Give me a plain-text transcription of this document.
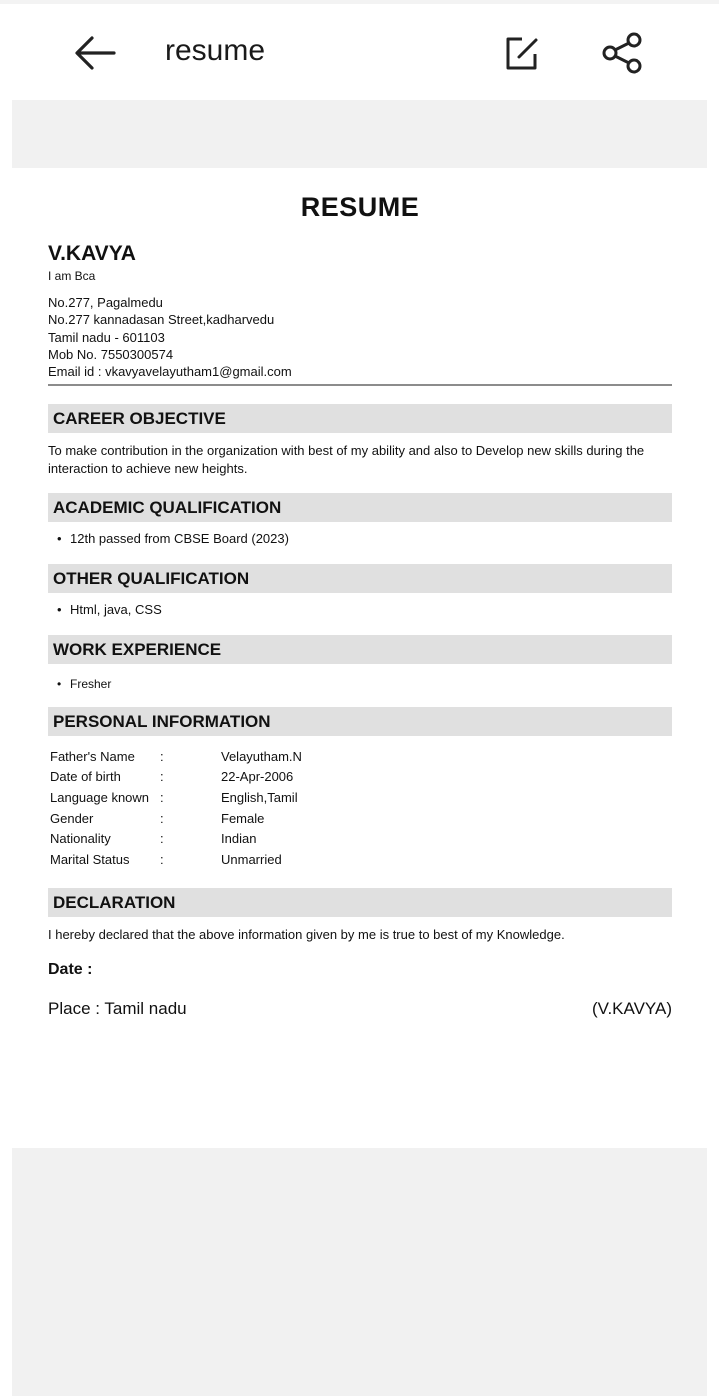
resume
RESUME
V.KAVYA
I am Bca
No.277, Pagalmedu
No.277 kannadasan Street,kadharvedu
Tamil nadu - 601103
Mob No. 7550300574
Email id : vkavyavelayutham1@gmail.com
CAREER OBJECTIVE
To make contribution in the organization with best of my ability and also to Develop new skills during the interaction to achieve new heights.
ACADEMIC QUALIFICATION
• 12th passed from CBSE Board (2023)
OTHER QUALIFICATION
• Html, java, CSS
WORK EXPERIENCE
• Fresher
PERSONAL INFORMATION
Father's Name	:	Velayutham.N
Date of birth	:	22-Apr-2006
Language known	:	English,Tamil
Gender	:	Female
Nationality	:	Indian
Marital Status	:	Unmarried
DECLARATION
I hereby declared that the above information given by me is true to best of my Knowledge.
Date :
Place : Tamil nadu	(V.KAVYA)
